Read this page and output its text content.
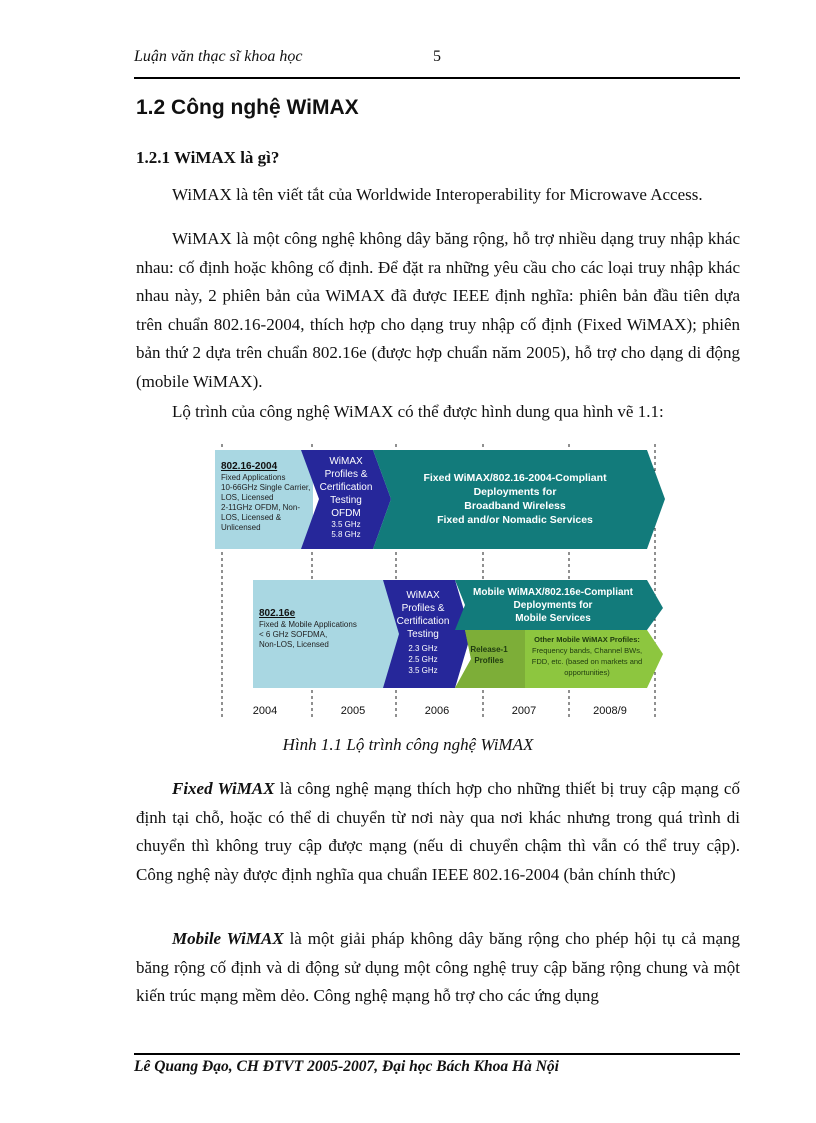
Luận văn thạc sĩ khoa học	5
1.2 Công nghệ WiMAX
1.2.1 WiMAX là gì?

WiMAX là tên viết tắt của Worldwide Interoperability for Microwave Access.

WiMAX là một công nghệ không dây băng rộng, hỗ trợ nhiều dạng truy nhập khác nhau: cố định hoặc không cố định. Để đặt ra những yêu cầu cho các loại truy nhập khác nhau này, 2 phiên bản của WiMAX đã được IEEE định nghĩa: phiên bản đầu tiên dựa trên chuẩn 802.16-2004, thích hợp cho dạng truy nhập cố định (Fixed WiMAX); phiên bản thứ 2 dựa trên chuẩn 802.16e (được hợp chuẩn năm 2005), hỗ trợ cho dạng di động (mobile WiMAX).

Lộ trình của công nghệ WiMAX có thể được hình dung qua hình vẽ 1.1:

802.16-2004
Fixed Applications
10-66GHz Single Carrier,
LOS, Licensed
2-11GHz OFDM, Non-
LOS, Licensed &
Unlicensed
WiMAX
Profiles &
Certification
Testing
OFDM
3.5 GHz
5.8 GHz
Fixed WiMAX/802.16-2004-Compliant
Deployments for
Broadband Wireless
Fixed and/or Nomadic Services
802.16e
Fixed & Mobile Applications
< 6 GHz SOFDMA,
Non-LOS, Licensed
WiMAX
Profiles &
Certification
Testing
2.3 GHz
2.5 GHz
3.5 GHz
Mobile WiMAX/802.16e-Compliant
Deployments for
Mobile Services
Release-1
Profiles
Other Mobile WiMAX Profiles:
Frequency bands, Channel BWs,
FDD, etc. (based on markets and
opportunities)
2004	2005	2006	2007	2008/9

Hình 1.1 Lộ trình công nghệ WiMAX

Fixed WiMAX là công nghệ mạng thích hợp cho những thiết bị truy cập mạng cố định tại chỗ, hoặc có thể di chuyển từ nơi này qua nơi khác nhưng trong quá trình di chuyển thì không truy cập được mạng (nếu di chuyển chậm thì vẫn có thể truy cập). Công nghệ này được định nghĩa qua chuẩn IEEE 802.16-2004 (bản chính thức)

Mobile WiMAX là một giải pháp không dây băng rộng cho phép hội tụ cả mạng băng rộng cố định và di động sử dụng một công nghệ truy cập băng rộng chung và một kiến trúc mạng mềm dẻo. Công nghệ mạng hỗ trợ cho các ứng dụng

Lê Quang Đạo, CH ĐTVT 2005-2007, Đại học Bách Khoa Hà Nội
